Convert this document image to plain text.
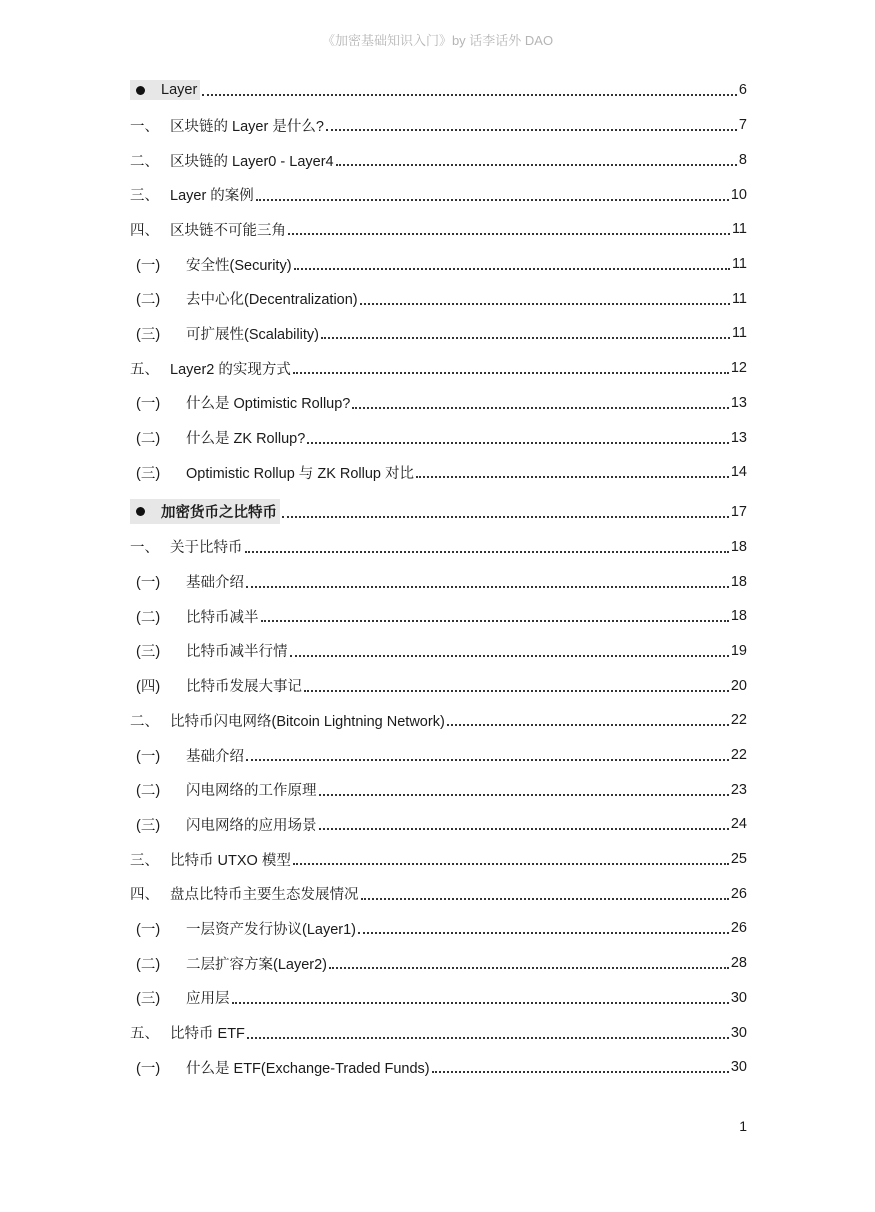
《加密基础知识入门》by 话李话外 DAO
Layer	6
一、 区块链的 Layer 是什么?	7
二、 区块链的 Layer0 - Layer4	8
三、 Layer 的案例	10
四、 区块链不可能三角	11
(一)	安全性(Security)	11
(二)	去中心化(Decentralization)	11
(三)	可扩展性(Scalability)	11
五、 Layer2 的实现方式	12
(一)	什么是 Optimistic Rollup?	13
(二)	什么是 ZK Rollup?	13
(三)	Optimistic Rollup 与 ZK Rollup 对比	14
加密货币之比特币	17
一、 关于比特币	18
(一)	基础介绍	18
(二)	比特币减半	18
(三)	比特币减半行情	19
(四)	比特币发展大事记	20
二、 比特币闪电网络(Bitcoin Lightning Network)	22
(一)	基础介绍	22
(二)	闪电网络的工作原理	23
(三)	闪电网络的应用场景	24
三、 比特币 UTXO 模型	25
四、 盘点比特币主要生态发展情况	26
(一)	一层资产发行协议(Layer1)	26
(二)	二层扩容方案(Layer2)	28
(三)	应用层	30
五、 比特币 ETF	30
(一)	什么是 ETF(Exchange-Traded Funds)	30
1
